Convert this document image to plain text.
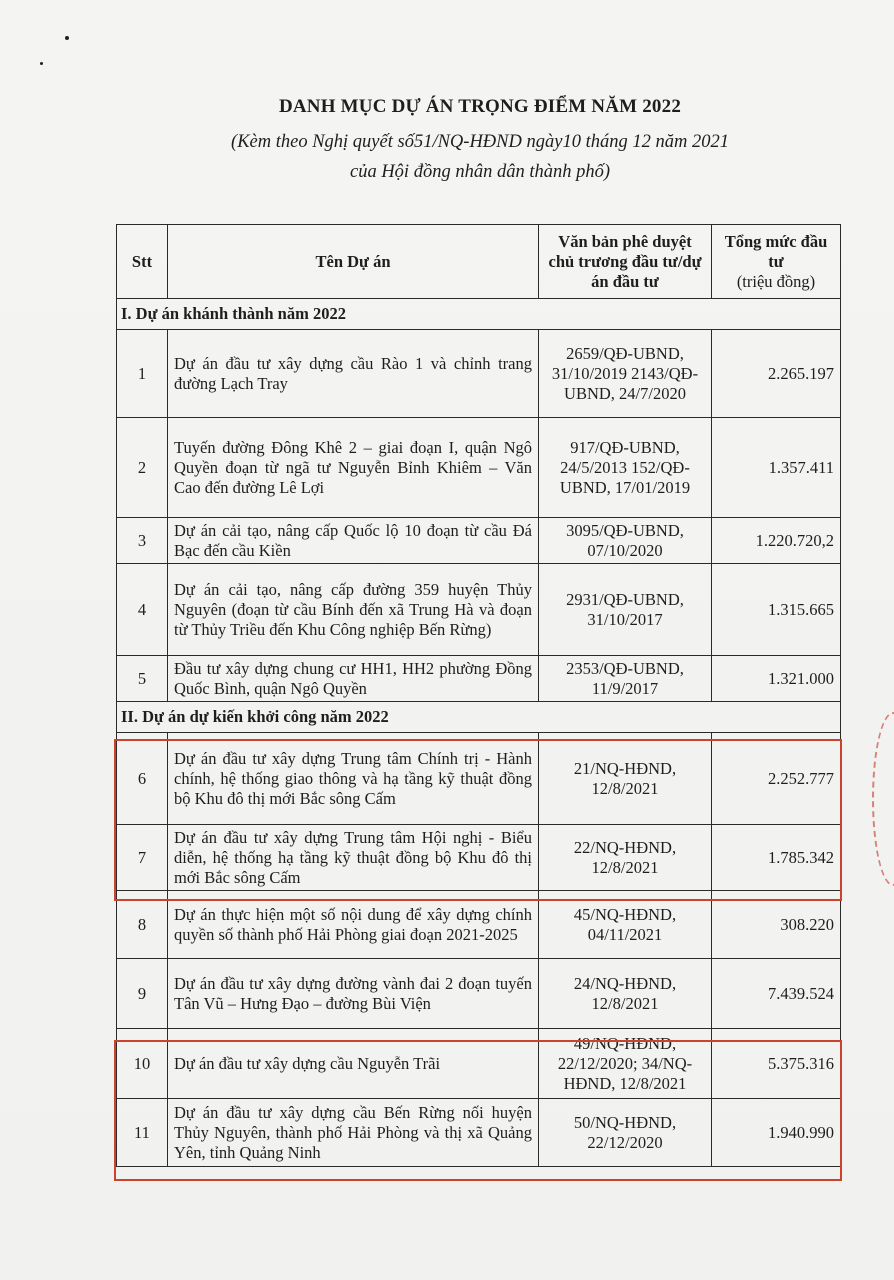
DANH MỤC DỰ ÁN TRỌNG ĐIỂM NĂM 2022
(Kèm theo Nghị quyết số51/NQ-HĐND ngày10 tháng 12 năm 2021
của Hội đồng nhân dân thành phố)
Stt	Tên Dự án	Văn bản phê duyệt chủ trương đầu tư/dự án đầu tư	Tổng mức đầu tư
(triệu đồng)

I. Dự án khánh thành năm 2022			
1	Dự án đầu tư xây dựng cầu Rào 1 và chỉnh trang đường Lạch Tray	2659/QĐ-UBND, 31/10/2019 2143/QĐ-UBND, 24/7/2020	2.265.197
2	Tuyến đường Đông Khê 2 – giai đoạn I, quận Ngô Quyền đoạn từ ngã tư Nguyễn Bỉnh Khiêm – Văn Cao đến đường Lê Lợi	917/QĐ-UBND, 24/5/2013 152/QĐ-UBND, 17/01/2019	1.357.411
3	Dự án cải tạo, nâng cấp Quốc lộ 10 đoạn từ cầu Đá Bạc đến cầu Kiền	3095/QĐ-UBND, 07/10/2020	1.220.720,2
4	Dự án cải tạo, nâng cấp đường 359 huyện Thủy Nguyên (đoạn từ cầu Bính đến xã Trung Hà và đoạn từ Thủy Triều đến Khu Công nghiệp Bến Rừng)	2931/QĐ-UBND, 31/10/2017	1.315.665
5	Đầu tư xây dựng chung cư HH1, HH2 phường Đồng Quốc Bình, quận Ngô Quyền	2353/QĐ-UBND, 11/9/2017	1.321.000
II. Dự án dự kiến khởi công năm 2022			
6	Dự án đầu tư xây dựng Trung tâm Chính trị - Hành chính, hệ thống giao thông và hạ tầng kỹ thuật đồng bộ Khu đô thị mới Bắc sông Cấm	21/NQ-HĐND, 12/8/2021	2.252.777
7	Dự án đầu tư xây dựng Trung tâm Hội nghị - Biểu diễn, hệ thống hạ tầng kỹ thuật đồng bộ Khu đô thị mới Bắc sông Cấm	22/NQ-HĐND, 12/8/2021	1.785.342
8	Dự án thực hiện một số nội dung để xây dựng chính quyền số thành phố Hải Phòng giai đoạn 2021-2025	45/NQ-HĐND, 04/11/2021	308.220
9	Dự án đầu tư xây dựng đường vành đai 2 đoạn tuyến Tân Vũ – Hưng Đạo – đường Bùi Viện	24/NQ-HĐND, 12/8/2021	7.439.524
10	Dự án đầu tư xây dựng cầu Nguyễn Trãi	49/NQ-HĐND, 22/12/2020; 34/NQ-HĐND, 12/8/2021	5.375.316
11	Dự án đầu tư xây dựng cầu Bến Rừng nối huyện Thủy Nguyên, thành phố Hải Phòng và thị xã Quảng Yên, tỉnh Quảng Ninh	50/NQ-HĐND, 22/12/2020	1.940.990
